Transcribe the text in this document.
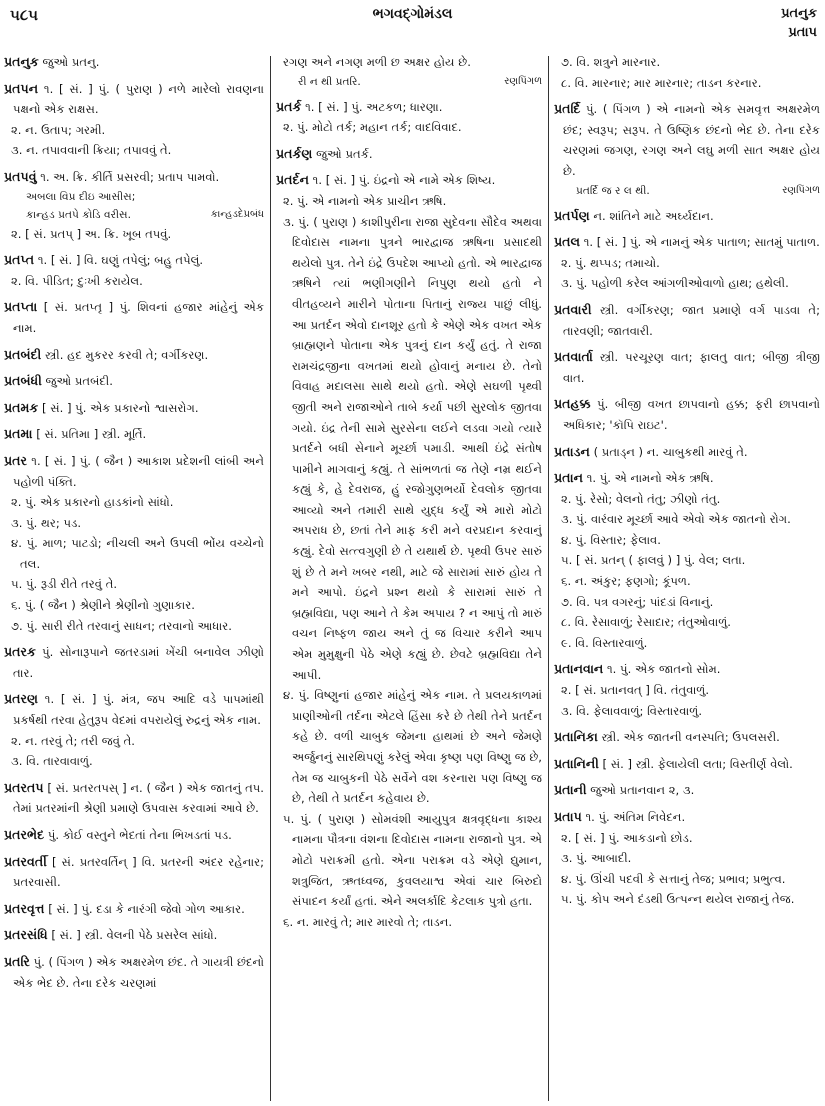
૫૮૫	ભગવદ્ગોમંડલ	પ્રતનુક
પ્રતાપ
પ્રતનુક જુઓ પ્રતનુ.
પ્રતપન ૧. [ સં. ] પું. ( પુરાણ ) નળે મારેલો રાવણના પક્ષનો એક રાક્ષસ.
૨. ન. ઉતાપ; ગરમી.
૩. ન. તપાવવાની ક્રિયા; તપાવવું તે.
પ્રતપવું ૧. અ. ક્રિ. કીર્તિ પ્રસરવી; પ્રતાપ પામવો.
અબલા વિપ્ર દીઇ આસીસ;
કાન્હડદેપ્રબંધ
કાન્હડ પ્રતપે કોડિ વરીસ.
૨. [ સં. પ્રતપ્ ] અ. ક્રિ. ખૂબ તપવું.
પ્રતપ્ત ૧. [ સં. ] વિ. ઘણું તપેલું; બહુ તપેલું.
૨. વિ. પીડિત; દુઃખી કરાયેલ.
પ્રતપ્તા [ સં. પ્રતપ્તૃ ] પું. શિવનાં હજાર માંહેનું એક નામ.
પ્રતબંદી સ્ત્રી. હદ મુકરર કરવી તે; વર્ગીકરણ.
પ્રતબંધી જુઓ પ્રતબંદી.
પ્રતમક [ સં. ] પું. એક પ્રકારનો શ્વાસરોગ.
પ્રતમા [ સં. પ્રતિમા ] સ્ત્રી. મૂર્તિ.
પ્રતર ૧. [ સં. ] પું. ( જૈન ) આકાશ પ્રદેશની લાંબી અને પહોળી પંક્તિ.
૨. પું. એક પ્રકારનો હાડકાંનો સાંધો.
૩. પું. થર; પડ.
૪. પું. માળ; પાટડો; નીચલી અને ઉપલી ભોંય વચ્ચેનો તલ.
૫. પું. રૂડી રીતે તરવું તે.
૬. પું. ( જૈન ) શ્રેણીને શ્રેણીનો ગુણાકાર.
૭. પું. સારી રીતે તરવાનું સાધન; તરવાનો આધાર.
પ્રતરક પું. સોનારૂપાને જતરડામાં ખેંચી બનાવેલ ઝીણો તાર.
પ્રતરણ ૧. [ સં. ] પું. મંત્ર, જપ આદિ વડે પાપમાંથી પ્રકર્ષથી તરવા હેતુરૂપ વેદમાં વપરાયેલું રુદ્રનું એક નામ.
૨. ન. તરવું તે; તરી જવું તે.
૩. વિ. તારવાવાળું.
પ્રતરતપ [ સં. પ્રતરતપસ્ ] ન. ( જૈન ) એક જાતનું તપ. તેમાં પ્રતરમાંની શ્રેણી પ્રમાણે ઉપવાસ કરવામાં આવે છે.
પ્રતરભેદ પું. કોઈ વસ્તુને ભેદતાં તેના ભિખડતાં પડ.
પ્રતરવર્તી [ સં. પ્રતરવર્તિન્ ] વિ. પ્રતરની અંદર રહેનાર; પ્રતરવાસી.
પ્રતરવૃત્ત [ સં. ] પું. દડા કે નારંગી જેવો ગોળ આકાર.
પ્રતરસંધિ [ સં. ] સ્ત્રી. વેલની પેઠે પ્રસરેલ સાંધો.
પ્રતરિ પું. ( પિંગળ ) એક અક્ષરમેળ છંદ. તે ગાયત્રી છંદનો એક ભેદ છે. તેના દરેક ચરણમાં
રગણ અને નગણ મળી છ અક્ષર હોય છે.
રણપિંગળ
રી ન થી પ્રતરિ.
પ્રતર્ક ૧. [ સં. ] પું. અટકળ; ધારણા.
૨. પું. મોટો તર્ક; મહાન તર્ક; વાદવિવાદ.
પ્રતર્કણ જુઓ પ્રતર્ક.
પ્રતર્દન ૧. [ સં. ] પું. ઇંદ્રનો એ નામે એક શિષ્ય.
૨. પું. એ નામનો એક પ્રાચીન ઋષિ.
૩. પું. ( પુરાણ ) કાશીપુરીના રાજા સુદેવના સૌદેવ અથવા દિવોદાસ નામના પુત્રને ભારદ્વાજ ઋષિના પ્રસાદથી થયેલો પુત્ર. તેને ઇંદ્રે ઉપદેશ આપ્યો હતો. એ ભારદ્વાજ ઋષિને ત્યાં ભણીગણીને નિપુણ થયો હતો ને વીતહવ્યને મારીને પોતાના પિતાનું રાજ્ય પાછું લીધું. આ પ્રતર્દન એવો દાનશૂર હતો કે એણે એક વખત એક બ્રાહ્મણને પોતાના એક પુત્રનું દાન કર્યું હતું. તે રાજા રામચંદ્રજીના વખતમાં થયો હોવાનું મનાય છે. તેનો વિવાહ મદાલસા સાથે થયો હતો. એણે સઘળી પૃથ્વી જીતી અને રાજાઓને તાબે કર્યા પછી સુરલોક જીતવા ગયો. ઇંદ્ર તેની સામે સુરસેના લઈને લડવા ગયો ત્યારે પ્રતર્દને બધી સેનાને મૂર્ચ્છા પમાડી. આથી ઇંદ્રે સંતોષ પામીને માગવાનું કહ્યું. તે સાંભળતાં જ તેણે નમ્ર થઈને કહ્યું કે, હે દેવરાજ, હું રજોગુણભર્યો દેવલોક જીતવા આવ્યો અને તમારી સાથે યુદ્ધ કર્યું એ મારો મોટો અપરાધ છે, છતાં તેને માફ કરી મને વરપ્રદાન કરવાનું કહ્યું. દેવો સત્ત્વગુણી છે તે યથાર્થ છે. પૃથ્વી ઉપર સારું શું છે તે મને ખબર નથી, માટે જે સારામાં સારું હોય તે મને આપો. ઇંદ્રને પ્રશ્ન થયો કે સારામાં સારું તે બ્રહ્મવિદ્યા, પણ આને તે કેમ અપાય ? ન આપું તો મારું વચન નિષ્ફળ જાય અને તું જ વિચાર કરીને આપ એમ મુમુક્ષુની પેઠે એણે કહ્યું છે. છેવટે બ્રહ્મવિદ્યા તેને આપી.
૪. પું. વિષ્ણુનાં હજાર માંહેનું એક નામ. તે પ્રલયકાળમાં પ્રાણીઓની તર્દના એટલે હિંસા કરે છે તેથી તેને પ્રતર્દન કહે છે. વળી ચાબુક જેમના હાથમાં છે અને જેમણે અર્જુનનું સારથિપણું કરેલું એવા કૃષ્ણ પણ વિષ્ણુ જ છે, તેમ જ ચાબુકની પેઠે સર્વેને વશ કરનારા પણ વિષ્ણુ જ છે, તેથી તે પ્રતર્દન કહેવાય છે.
૫. પું. ( પુરાણ ) સોમવંશી આયુપુત્ર ક્ષત્રવૃદ્ધના કાશ્ય નામના પૌત્રના વંશના દિવોદાસ નામના રાજાનો પુત્ર. એ મોટો પરાક્રમી હતો. એના પરાક્રમ વડે એણે દ્યુમાન, શત્રુજિત, ઋતધ્વજ, કુવલયાશ્વ એવાં ચાર બિરુદો સંપાદન કર્યાં હતાં. એને અલર્કાદિ કેટલાક પુત્રો હતા.
૬. ન. મારવું તે; માર મારવો તે; તાડન.
૭. વિ. શત્રુને મારનાર.
૮. વિ. મારનાર; માર મારનાર; તાડન કરનાર.
પ્રતર્દિ પું. ( પિંગળ ) એ નામનો એક સમવૃત્ત અક્ષરમેળ છંદ; સ્વરૂપ; સરૂપ. તે ઉષ્ણિક છંદનો ભેદ છે. તેના દરેક ચરણમાં જગણ, રગણ અને લઘુ મળી સાત અક્ષર હોય છે.
રણપિંગળ
પ્રતર્દિ જ ર લ થી.
પ્રતર્પણ ન. શાંતિને માટે અર્ઘ્યદાન.
પ્રતલ ૧. [ સં. ] પું. એ નામનું એક પાતાળ; સાતમું પાતાળ.
૨. પું. થપ્પડ; તમાચો.
૩. પું. પહોળી કરેલ આંગળીઓવાળો હાથ; હથેલી.
પ્રતવારી સ્ત્રી. વર્ગીકરણ; જાત પ્રમાણે વર્ગ પાડવા તે; તારવણી; જાતવારી.
પ્રતવાર્તા સ્ત્રી. પરચૂરણ વાત; ફાલતુ વાત; બીજી ત્રીજી વાત.
પ્રતહક્ક પું. બીજી વખત છાપવાનો હક્ક; ફરી છાપવાનો અધિકાર; 'કૉપિ રાઇટ'.
પ્રતાડન ( પ્રતાડ્ન ) ન. ચાબુકથી મારવું તે.
પ્રતાન ૧. પું. એ નામનો એક ઋષિ.
૨. પું. રેસો; વેલનો તંતુ; ઝીણો તંતુ.
૩. પું. વારંવાર મૂર્ચ્છા આવે એવો એક જાતનો રોગ.
૪. પું. વિસ્તાર; ફેલાવ.
૫. [ સં. પ્રતન્ ( ફાલવું ) ] પું. વેલ; લતા.
૬. ન. અંકુર; ફણગો; કૂંપળ.
૭. વિ. પત્ર વગરનું; પાંદડાં વિનાનું.
૮. વિ. રેસાવાળું; રેસાદાર; તંતુઓવાળું.
૯. વિ. વિસ્તારવાળું.
પ્રતાનવાન ૧. પું. એક જાતનો સોમ.
૨. [ સં. પ્રતાનવત્ ] વિ. તંતુવાળું.
૩. વિ. ફેલાવવાળું; વિસ્તારવાળું.
પ્રતાનિકા સ્ત્રી. એક જાતની વનસ્પતિ; ઉપલસરી.
પ્રતાનિની [ સં. ] સ્ત્રી. ફેલાયેલી લતા; વિસ્તીર્ણ વેલો.
પ્રતાની જુઓ પ્રતાનવાન ૨, ૩.
પ્રતાપ ૧. પું. અંતિમ નિવેદન.
૨. [ સં. ] પું. આકડાનો છોડ.
૩. પું. આબાદી.
૪. પું. ઊંચી પદવી કે સત્તાનું તેજ; પ્રભાવ; પ્રભુત્વ.
૫. પું. કોપ અને દંડથી ઉત્પન્ન થયેલ રાજાનું તેજ.
